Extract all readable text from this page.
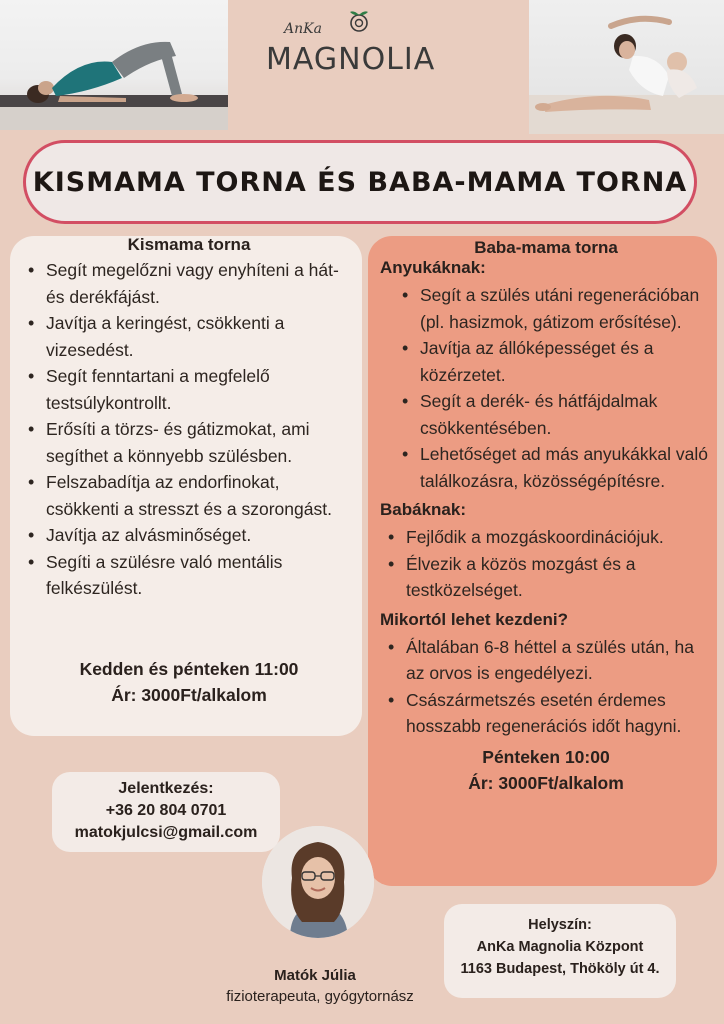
AnKa
MAGNOLIA
KISMAMA TORNA ÉS BABA-MAMA TORNA
Kismama torna
• Segít megelőzni vagy enyhíteni a hát- és derékfájást.
• Javítja a keringést, csökkenti a vizesedést.
• Segít fenntartani a megfelelő testsúlykontrollt.
• Erősíti a törzs- és gátizmokat, ami segíthet a könnyebb szülésben.
• Felszabadítja az endorfinokat, csökkenti a stresszt és a szorongást.
• Javítja az alvásminőséget.
• Segíti a szülésre való mentális felkészülést.
Kedden és pénteken 11:00
Ár: 3000Ft/alkalom
Baba-mama torna
Anyukáknak:
• Segít a szülés utáni regenerációban (pl. hasizmok, gátizom erősítése).
• Javítja az állóképességet és a közérzetet.
• Segít a derék- és hátfájdalmak csökkentésében.
• Lehetőséget ad más anyukákkal való találkozásra, közösségépítésre.
Babáknak:
• Fejlődik a mozgáskoordinációjuk.
• Élvezik a közös mozgást és a testközelséget.
Mikortól lehet kezdeni?
• Általában 6-8 héttel a szülés után, ha az orvos is engedélyezi.
• Császármetszés esetén érdemes hosszabb regenerációs időt hagyni.
Pénteken 10:00
Ár: 3000Ft/alkalom
Jelentkezés:
+36 20 804 0701
matokjulcsi@gmail.com
Matók Júlia
fizioterapeuta, gyógytornász
Helyszín:
AnKa Magnolia Központ
1163 Budapest, Thököly út 4.
